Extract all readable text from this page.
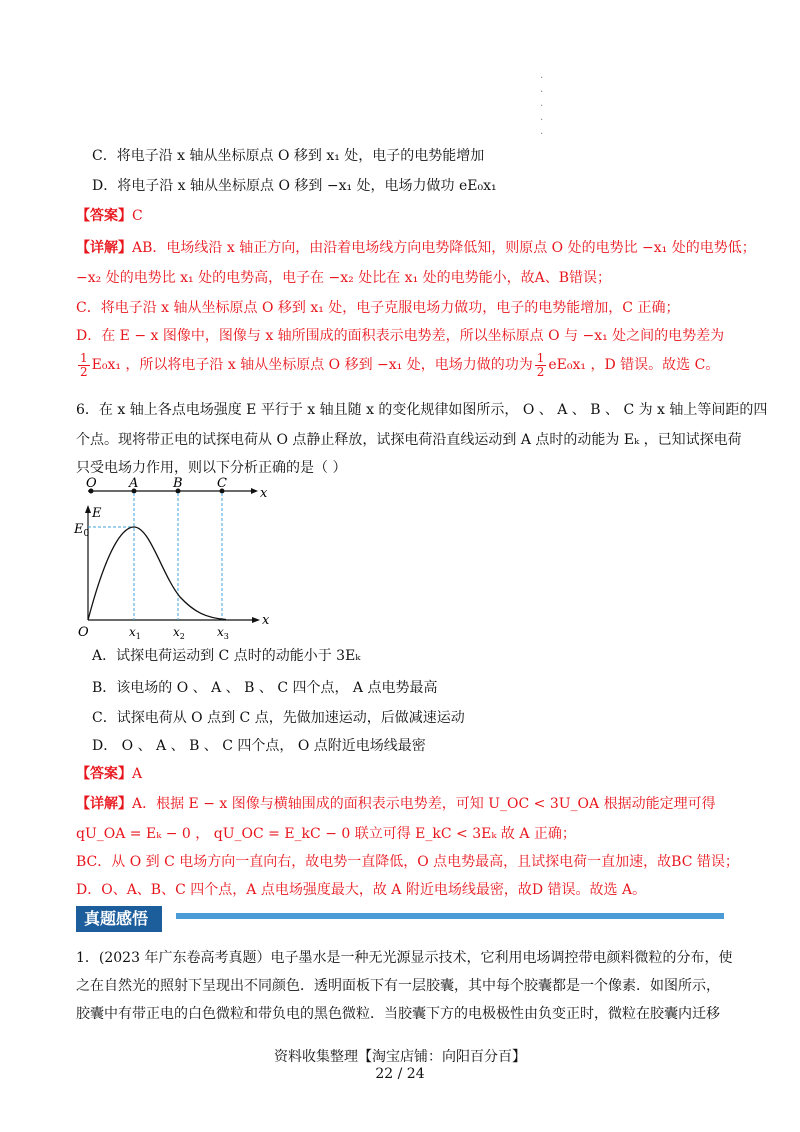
·
·
·
·
·
C．将电子沿 x 轴从坐标原点 O 移到 x₁ 处，电子的电势能增加
D．将电子沿 x 轴从坐标原点 O 移到 −x₁ 处，电场力做功 eE₀x₁
【答案】C
【详解】AB．电场线沿 x 轴正方向，由沿着电场线方向电势降低知，则原点 O 处的电势比 −x₁ 处的电势低；
−x₂ 处的电势比 x₁ 处的电势高，电子在 −x₂ 处比在 x₁ 处的电势能小，故A、B错误；
C．将电子沿 x 轴从坐标原点 O 移到 x₁ 处，电子克服电场力做功，电子的电势能增加，C 正确；
D．在 E − x 图像中，图像与 x 轴所围成的面积表示电势差，所以坐标原点 O 与 −x₁ 处之间的电势差为
$\frac{1}{2} E_0x_1$ ，所以将电子沿 x 轴从坐标原点 O 移到 −x₁ 处，电场力做的功为 $\frac{1}{2} eE_0x_1$ ，D 错误。故选 C。
6．在 x 轴上各点电场强度 E 平行于 x 轴且随 x 的变化规律如图所示， O 、 A 、 B 、 C 为 x 轴上等间距的四
个点。现将带正电的试探电荷从 O 点静止释放，试探电荷沿直线运动到 A 点时的动能为 Eₖ ，已知试探电荷
只受电场力作用，则以下分析正确的是（ ）
O A	B	C
x
E
$E_0$
x
O	$x_1$	$x_2$	$x_3$
A．试探电荷运动到 C 点时的动能小于 3Eₖ
B．该电场的 O 、 A 、 B 、 C 四个点， A 点电势最高
C．试探电荷从 O 点到 C 点，先做加速运动，后做减速运动
D． O 、 A 、 B 、 C 四个点， O 点附近电场线最密
【答案】A
【详解】A．根据 E − x 图像与横轴围成的面积表示电势差，可知 U_OC < 3U_OA 根据动能定理可得
qU_OA = Eₖ − 0 ， qU_OC = E_kC − 0 联立可得 E_kC < 3Eₖ 故 A 正确；
BC．从 O 到 C 电场方向一直向右，故电势一直降低，O 点电势最高，且试探电荷一直加速，故BC 错误；
D．O、A、B、C 四个点，A 点电场强度最大，故 A 附近电场线最密，故D 错误。故选 A。
真题感悟
1．(2023 年广东卷高考真题）电子墨水是一种无光源显示技术，它利用电场调控带电颜料微粒的分布，使
之在自然光的照射下呈现出不同颜色．透明面板下有一层胶囊，其中每个胶囊都是一个像素．如图所示，
胶囊中有带正电的白色微粒和带负电的黑色微粒．当胶囊下方的电极极性由负变正时，微粒在胶囊内迁移
资料收集整理【淘宝店铺：向阳百分百】
22 / 24
